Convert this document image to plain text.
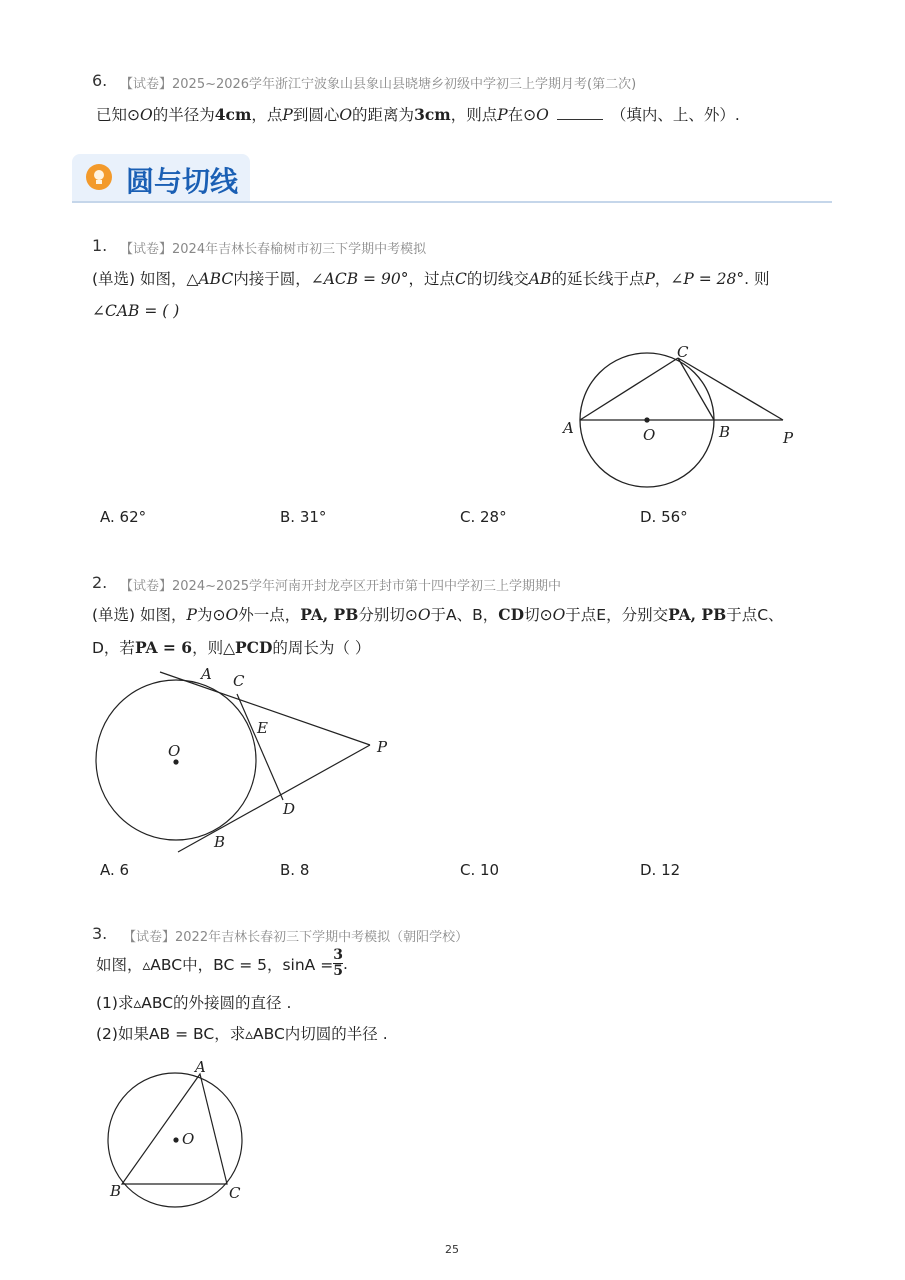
6. 【试卷】2025~2026学年浙江宁波象山县象山县晓塘乡初级中学初三上学期月考(第二次)
已知⊙O的半径为4cm，点P到圆心O的距离为3cm，则点P在⊙O	（填内、上、外）.
圆与切线
1. 【试卷】2024年吉林长春榆树市初三下学期中考模拟
(单选) 如图，△ABC内接于圆，∠ACB = 90°，过点C的切线交AB的延长线于点P，∠P = 28°. 则
∠CAB = ( )
A	O	B	P
C
A C
E
O	P
D
B
A
O
B	C
A. 62°	B. 31°	C. 28°	D. 56°
2. 【试卷】2024~2025学年河南开封龙亭区开封市第十四中学初三上学期期中
(单选) 如图，P为⊙O外一点，PA, PB分别切⊙O于A、B，CD切⊙O于点E，分别交PA, PB于点C、
D，若PA = 6，则△PCD的周长为（ ）
A. 6	B. 8	C. 10	D. 12
3. 【试卷】2022年吉林长春初三下学期中考模拟（朝阳学校）
如图， ▵ABC中，BC = 5，$\sin A = \frac{3}{5}$ .
(1)求▵ABC的外接圆的直径 .
(2)如果AB = BC，求▵ABC内切圆的半径 .
25
